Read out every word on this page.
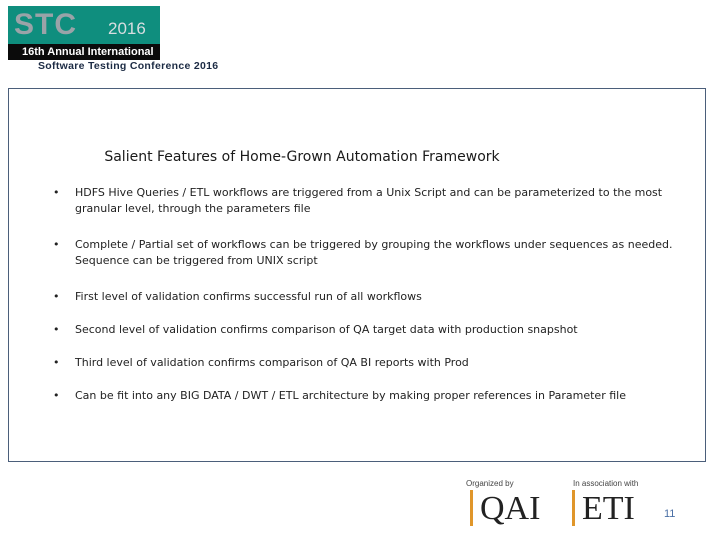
STC 2016
16th Annual International
Software Testing Conference 2016
Salient Features of Home-Grown Automation Framework
• HDFS Hive Queries / ETL workflows are triggered from a Unix Script and can be parameterized to the most granular level, through the parameters file
• Complete / Partial set of workflows can be triggered by grouping the workflows under sequences as needed. Sequence can be triggered from UNIX script
• First level of validation confirms successful run of all workflows
• Second level of validation confirms comparison of QA target data with production snapshot
• Third level of validation confirms comparison of QA BI reports with Prod
• Can be fit into any BIG DATA / DWT / ETL architecture by making proper references in Parameter file
Organized by
QAI
In association with
ETI	11
